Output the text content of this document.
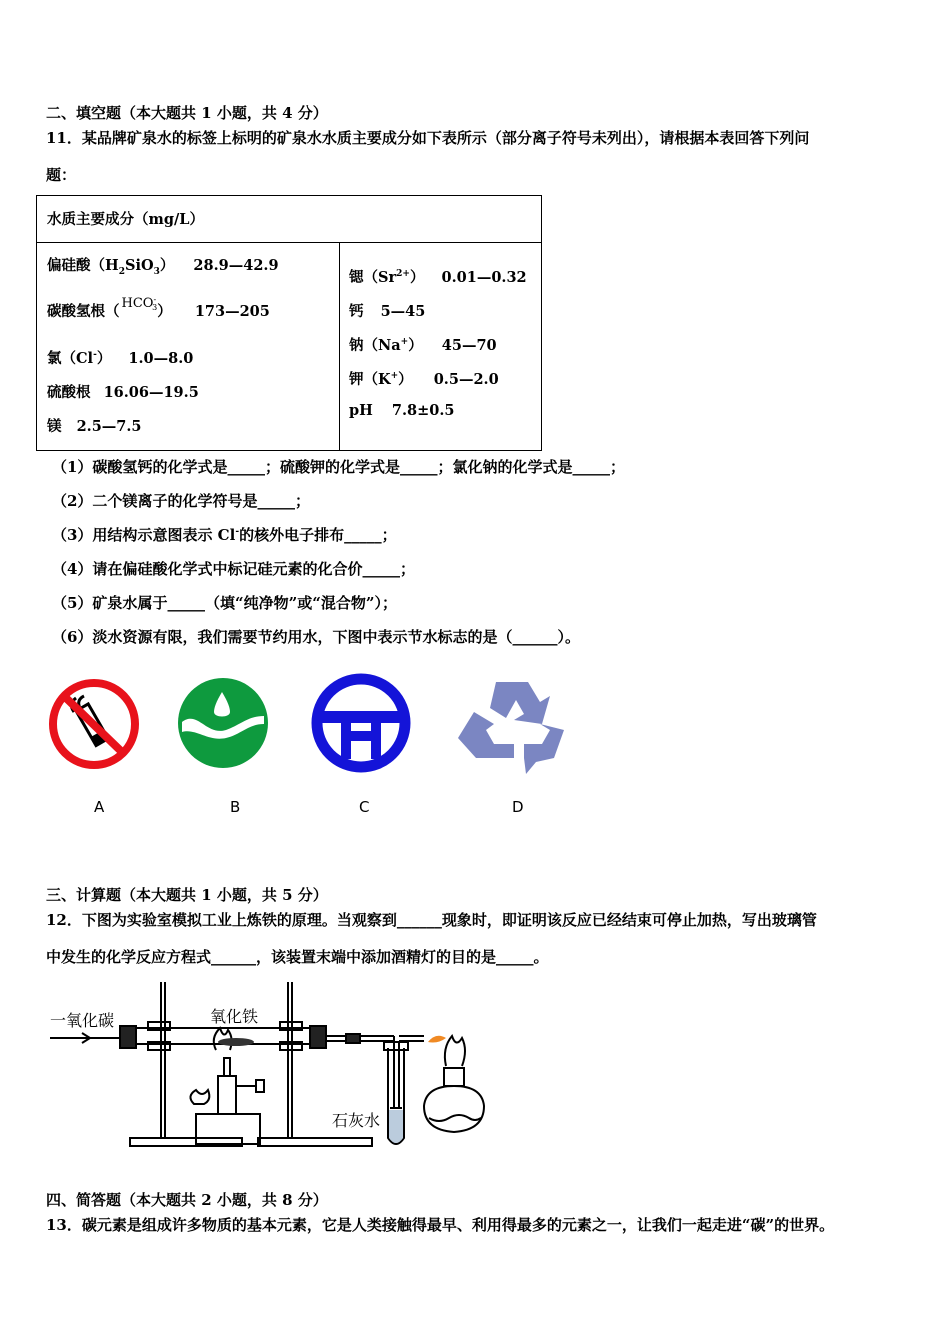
二、填空题（本大题共 1 小题，共 4 分）
11．某品牌矿泉水的标签上标明的矿泉水水质主要成分如下表所示（部分离子符号未列出），请根据本表回答下列问
题：
水质主要成分（mg/L）
偏硅酸$(H_2SiO_3)$ 28.9—42.9
碳酸氢根（ $HCO^-_3$） 173—205
氯（Cl-） 1.0—8.0
硫酸根 16.06—19.5
镁 2.5—7.5
锶$(Sr^{2+})$ 0.01—0.32
钙 5—45
钠（Na+） 45—70
钾（K+） 0.5—2.0
pH 7.8±0.5
（1）碳酸氢钙的化学式是_____；硫酸钾的化学式是_____；氯化钠的化学式是_____；
（2）二个镁离子的化学符号是_____；
（3）用结构示意图表示 Cl-的核外电子排布_____；
（4）请在偏硅酸化学式中标记硅元素的化合价_____；
（5）矿泉水属于_____（填“纯净物”或“混合物”）；
（6）淡水资源有限，我们需要节约用水，下图中表示节水标志的是（______）。
A	B	C	D
三、计算题（本大题共 1 小题，共 5 分）
12．下图为实验室模拟工业上炼铁的原理。当观察到______现象时，即证明该反应已经结束可停止加热，写出玻璃管
中发生的化学反应方程式______，该装置末端中添加酒精灯的目的是_____。
一氧化碳	氧化铁
石灰水
四、简答题（本大题共 2 小题，共 8 分）
13．碳元素是组成许多物质的基本元素，它是人类接触得最早、利用得最多的元素之一，让我们一起走进“碳”的世界。
